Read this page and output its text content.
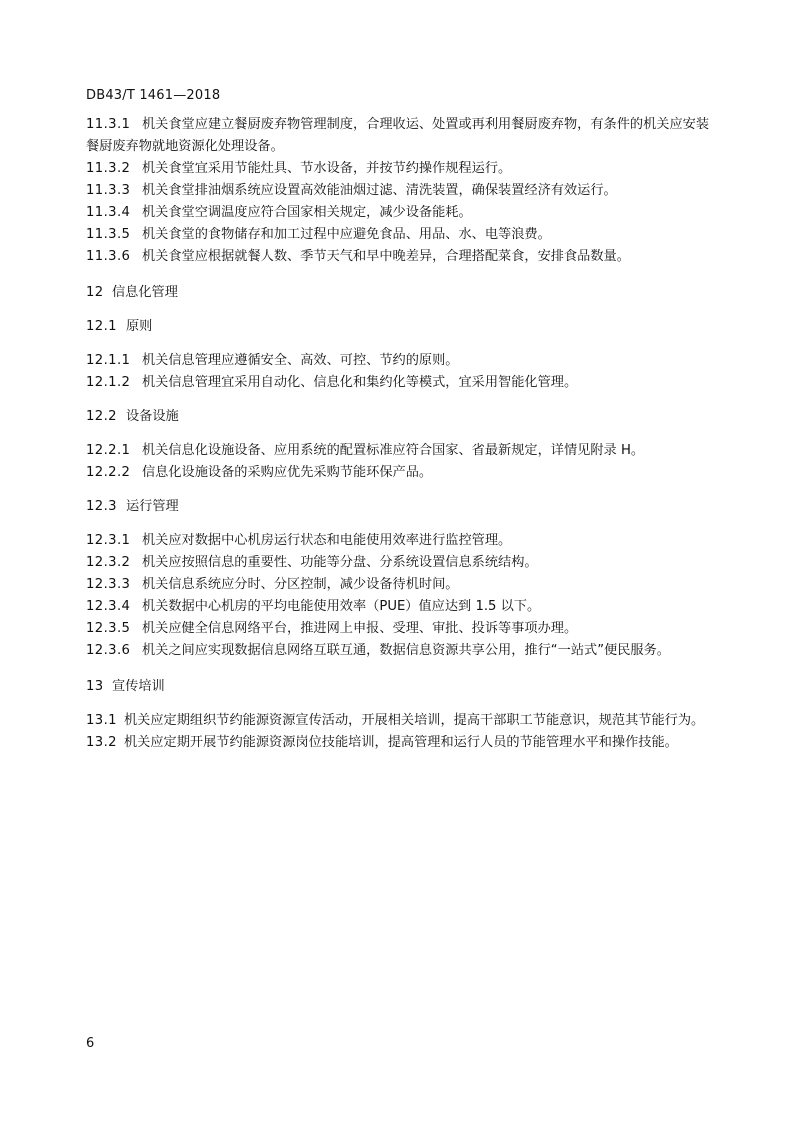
DB43/T 1461—2018

11.3.1 机关食堂应建立餐厨废弃物管理制度，合理收运、处置或再利用餐厨废弃物，有条件的机关应安装餐厨废弃物就地资源化处理设备。

11.3.2 机关食堂宜采用节能灶具、节水设备，并按节约操作规程运行。

11.3.3 机关食堂排油烟系统应设置高效能油烟过滤、清洗装置，确保装置经济有效运行。

11.3.4 机关食堂空调温度应符合国家相关规定，减少设备能耗。

11.3.5 机关食堂的食物储存和加工过程中应避免食品、用品、水、电等浪费。

11.3.6 机关食堂应根据就餐人数、季节天气和早中晚差异，合理搭配菜食，安排食品数量。

12 信息化管理

12.1 原则

12.1.1 机关信息管理应遵循安全、高效、可控、节约的原则。

12.1.2 机关信息管理宜采用自动化、信息化和集约化等模式，宜采用智能化管理。

12.2 设备设施

12.2.1 机关信息化设施设备、应用系统的配置标准应符合国家、省最新规定，详情见附录 H。

12.2.2 信息化设施设备的采购应优先采购节能环保产品。

12.3 运行管理

12.3.1 机关应对数据中心机房运行状态和电能使用效率进行监控管理。

12.3.2 机关应按照信息的重要性、功能等分盘、分系统设置信息系统结构。

12.3.3 机关信息系统应分时、分区控制，减少设备待机时间。

12.3.4 机关数据中心机房的平均电能使用效率（PUE）值应达到 1.5 以下。

12.3.5 机关应健全信息网络平台，推进网上申报、受理、审批、投诉等事项办理。

12.3.6 机关之间应实现数据信息网络互联互通，数据信息资源共享公用，推行“一站式”便民服务。

13 宣传培训

13.1 机关应定期组织节约能源资源宣传活动，开展相关培训，提高干部职工节能意识，规范其节能行为。

13.2 机关应定期开展节约能源资源岗位技能培训，提高管理和运行人员的节能管理水平和操作技能。

6
